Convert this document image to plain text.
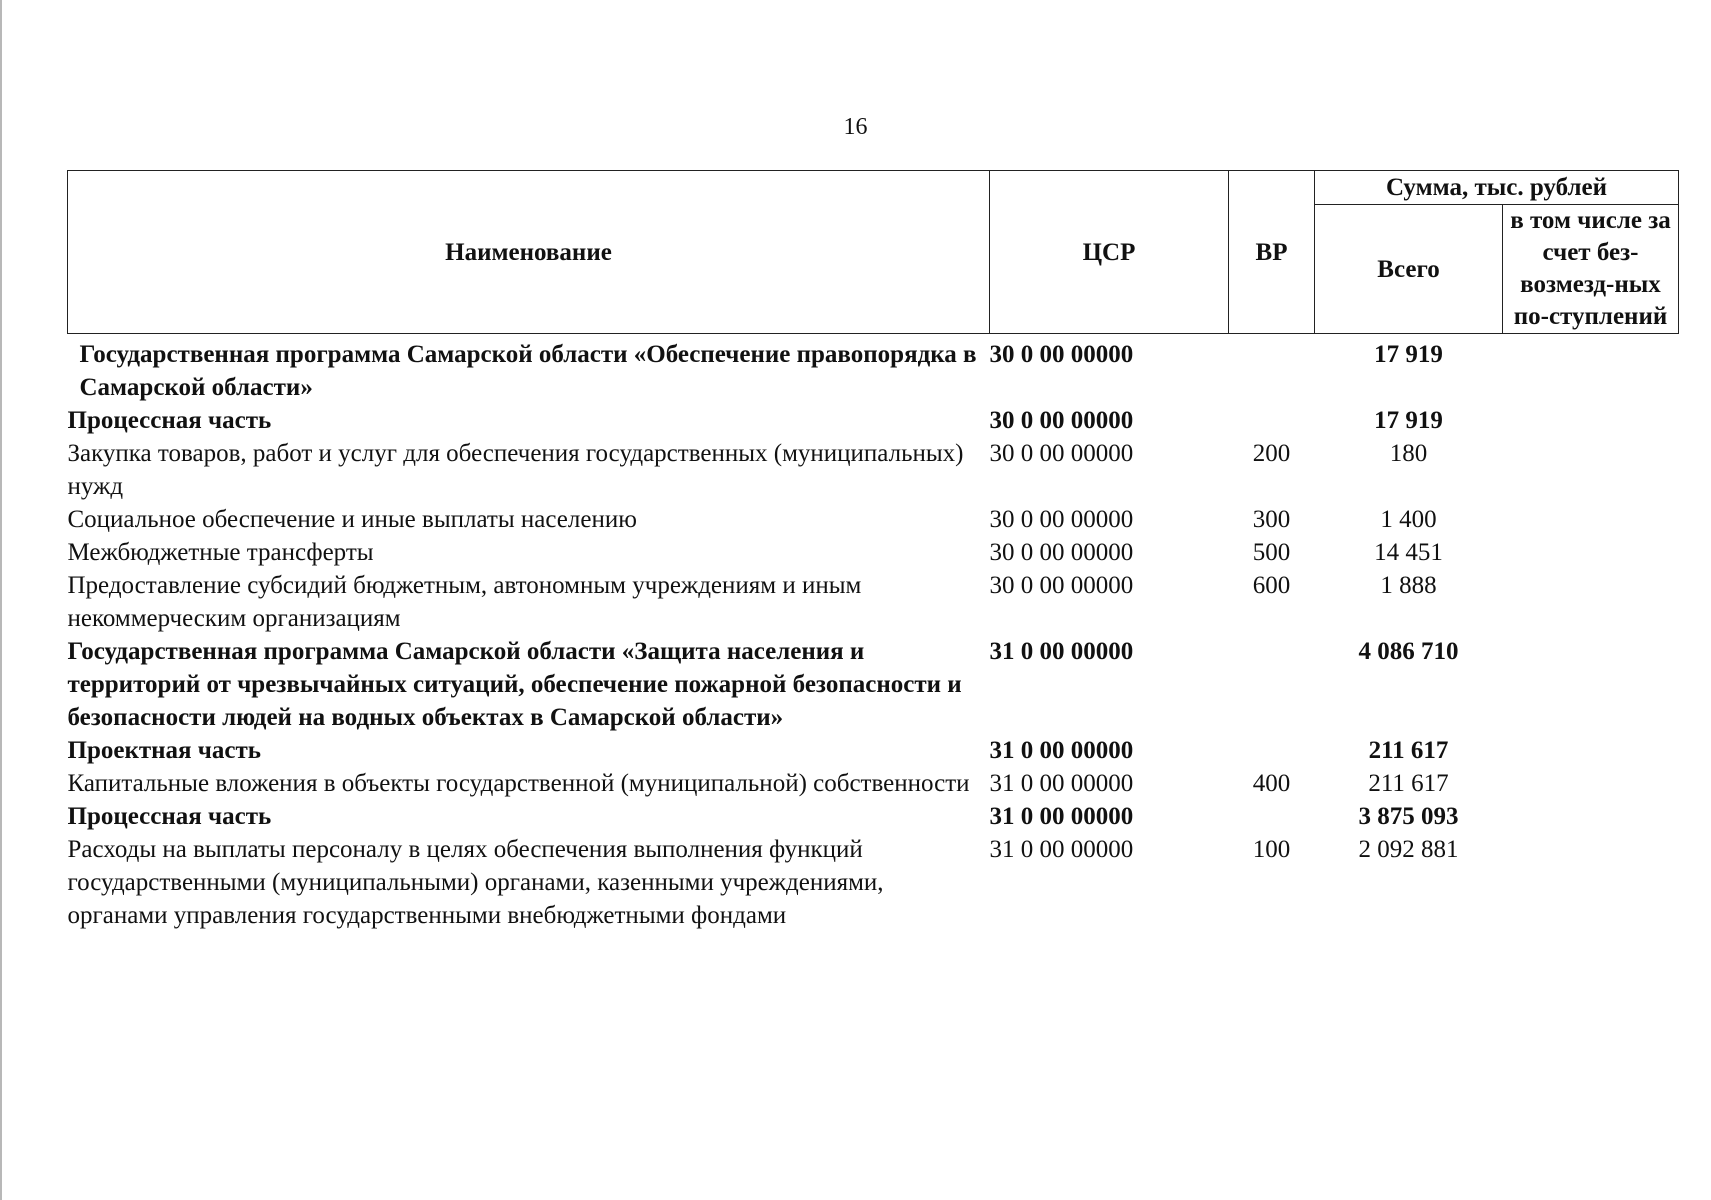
16
Наименование	ЦСР	ВР	Сумма, тыс. рублей	
			Всего	в том числе за счет без-возмезд-ных по-ступлений
Государственная программа Самарской области «Обеспечение правопорядка в Самарской области»	30 0 00 00000		17 919	
Процессная часть	30 0 00 00000		17 919	
Закупка товаров, работ и услуг для обеспечения государственных (муниципальных) нужд	30 0 00 00000	200	180	
Социальное обеспечение и иные выплаты населению	30 0 00 00000	300	1 400	
Межбюджетные трансферты	30 0 00 00000	500	14 451	
Предоставление субсидий бюджетным, автономным учреждениям и иным некоммерческим организациям	30 0 00 00000	600	1 888	
Государственная программа Самарской области «Защита населения и территорий от чрезвычайных ситуаций, обеспечение пожарной безопасности и безопасности людей на водных объектах в Самарской области»	31 0 00 00000		4 086 710	
Проектная часть	31 0 00 00000		211 617	
Капитальные вложения в объекты государственной (муниципальной) собственности	31 0 00 00000	400	211 617	
Процессная часть	31 0 00 00000		3 875 093	
Расходы на выплаты персоналу в целях обеспечения выполнения функций государственными (муниципальными) органами, казенными учреждениями, органами управления государственными внебюджетными фондами	31 0 00 00000	100	2 092 881	
